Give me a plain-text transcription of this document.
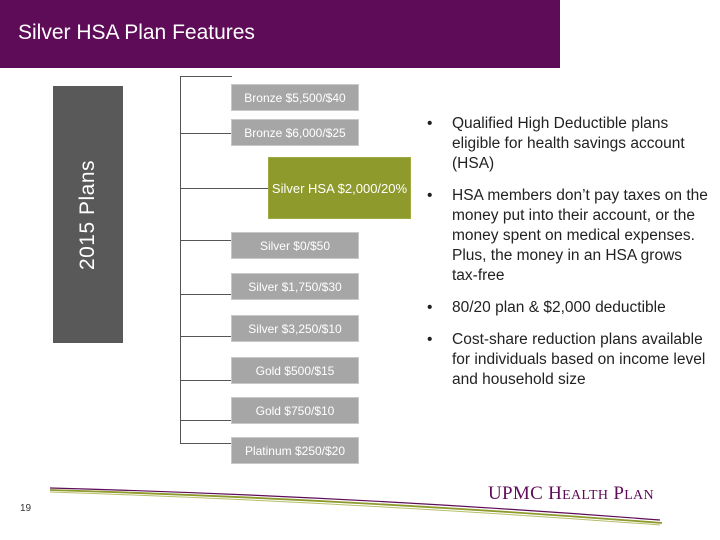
Silver HSA Plan Features
2015 Plans
Bronze $5,500/$40
Bronze $6,000/$25
Silver HSA $2,000/20%
Silver $0/$50
Silver $1,750/$30
Silver $3,250/$10
Gold $500/$15
Gold $750/$10
Platinum $250/$20
• Qualified High Deductible plans eligible for health savings account (HSA)
• HSA members don’t pay taxes on the money put into their account, or the money spent on medical expenses. Plus, the money in an HSA grows tax-free
• 80/20 plan & $2,000 deductible
• Cost-share reduction plans available for individuals based on income level and household size
19
UPMC HEALTH PLAN
